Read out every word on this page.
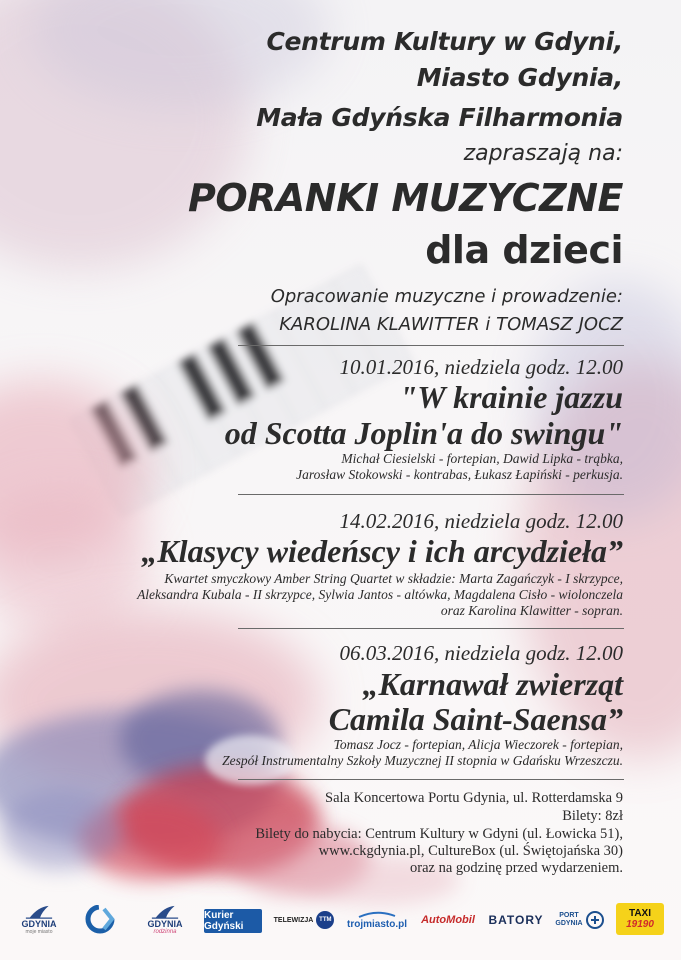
Centrum Kultury w Gdyni,
Miasto Gdynia,
Mała Gdyńska Filharmonia
zapraszają na:
PORANKI MUZYCZNE
dla dzieci
Opracowanie muzyczne i prowadzenie:
KAROLINA KLAWITTER i TOMASZ JOCZ
10.01.2016, niedziela godz. 12.00
"W krainie jazzu
od Scotta Joplin'a do swingu"
Michał Ciesielski - fortepian, Dawid Lipka - trąbka,
Jarosław Stokowski - kontrabas, Łukasz Łapiński - perkusja.
14.02.2016, niedziela godz. 12.00
„Klasycy wiedeńscy i ich arcydzieła”
Kwartet smyczkowy Amber String Quartet w składzie: Marta Zagańczyk - I skrzypce,
Aleksandra Kubala - II skrzypce, Sylwia Jantos - altówka, Magdalena Cisło - wiolonczela
oraz Karolina Klawitter - sopran.
06.03.2016, niedziela godz. 12.00
„Karnawał zwierząt
Camila Saint-Saensa”
Tomasz Jocz - fortepian, Alicja Wieczorek - fortepian,
Zespół Instrumentalny Szkoły Muzycznej II stopnia w Gdańsku Wrzeszczu.
Sala Koncertowa Portu Gdynia, ul. Rotterdamska 9
Bilety: 8zł
Bilety do nabycia: Centrum Kultury w Gdyni (ul. Łowicka 51),
www.ckgdynia.pl, CultureBox (ul. Świętojańska 30)
oraz na godzinę przed wydarzeniem.
GDYNIA
moje miasto
GDYNIA
rodzinna
Kurier Gdyński
TELEWIZJA TTM trojmiasto.pl AutoMobil BATORY	PORT GDYNIA
TAXI
19190
